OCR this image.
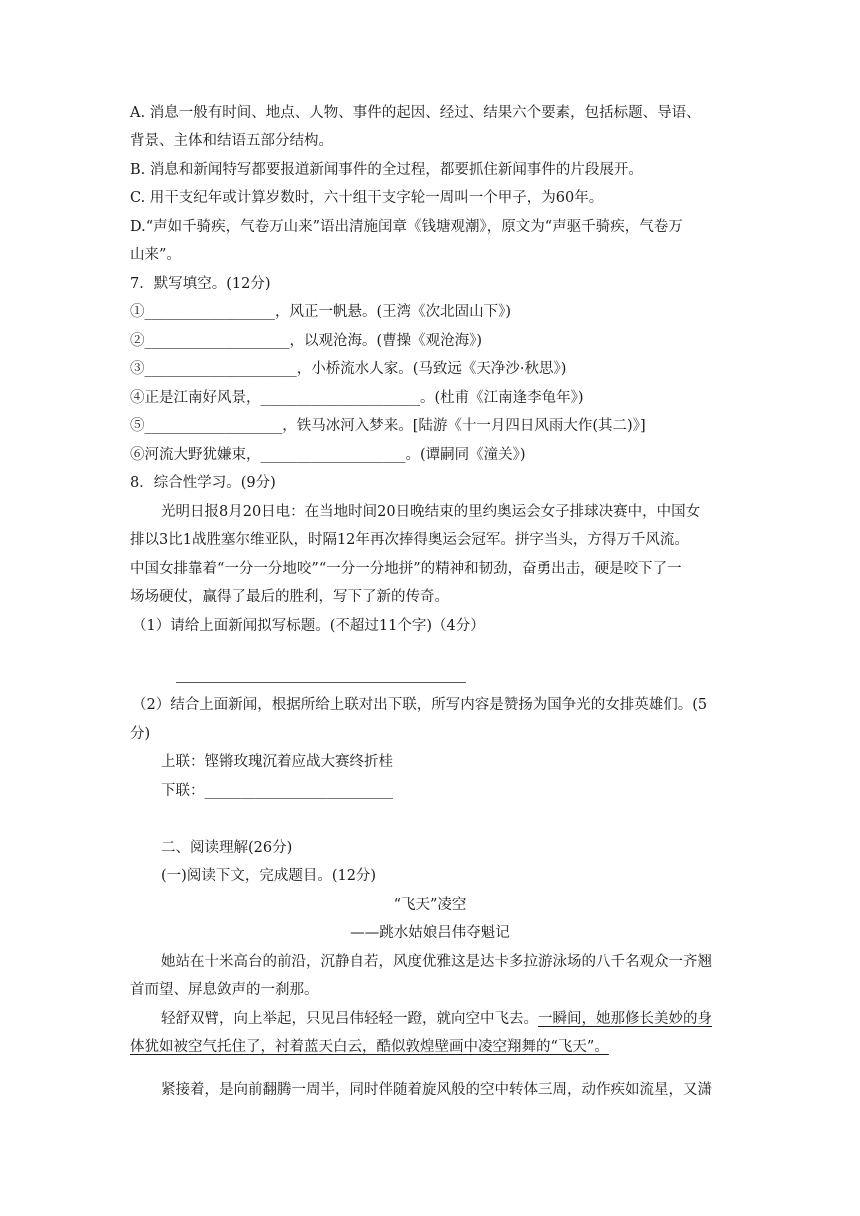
A. 消息一般有时间、地点、人物、事件的起因、经过、结果六个要素，包括标题、导语、
背景、主体和结语五部分结构。
B. 消息和新闻特写都要报道新闻事件的全过程，都要抓住新闻事件的片段展开。
C. 用干支纪年或计算岁数时，六十组干支字轮一周叫一个甲子，为60年。
D.“声如千骑疾，气卷万山来”语出清施闰章《钱塘观潮》，原文为“声驱千骑疾，气卷万
山来”。
7．默写填空。(12分)
①__________________，风正一帆悬。(王湾《次北固山下》)
②____________________，以观沧海。(曹操《观沧海》)
③_____________________，小桥流水人家。(马致远《天净沙·秋思》)
④正是江南好风景，______________________。(杜甫《江南逢李龟年》)
⑤___________________，铁马冰河入梦来。[陆游《十一月四日风雨大作(其二)》]
⑥河流大野犹嫌束，____________________。(谭嗣同《潼关》)
8．综合性学习。(9分)
光明日报8月20日电：在当地时间20日晚结束的里约奥运会女子排球决赛中，中国女
排以3比1战胜塞尔维亚队，时隔12年再次捧得奥运会冠军。拼字当头，方得万千风流。
中国女排靠着“一分一分地咬”“一分一分地拼”的精神和韧劲，奋勇出击，硬是咬下了一
场场硬仗，赢得了最后的胜利，写下了新的传奇。
（1）请给上面新闻拟写标题。(不超过11个字)（4分）
（2）结合上面新闻，根据所给上联对出下联，所写内容是赞扬为国争光的女排英雄们。(5
分)
上联：铿锵玫瑰沉着应战大赛终折桂
下联：__________________________
二、阅读理解(26分)
(一)阅读下文，完成题目。(12分)
“飞天”凌空
——跳水姑娘吕伟夺魁记
她站在十米高台的前沿，沉静自若，风度优雅这是达卡多拉游泳场的八千名观众一齐翘
首而望、屏息敛声的一刹那。
轻舒双臂，向上举起，只见吕伟轻轻一蹬，就向空中飞去。一瞬间，她那修长美妙的身
体犹如被空气托住了，衬着蓝天白云，酷似敦煌壁画中凌空翔舞的“飞天”。
紧接着，是向前翻腾一周半，同时伴随着旋风般的空中转体三周，动作疾如流星，又潇
